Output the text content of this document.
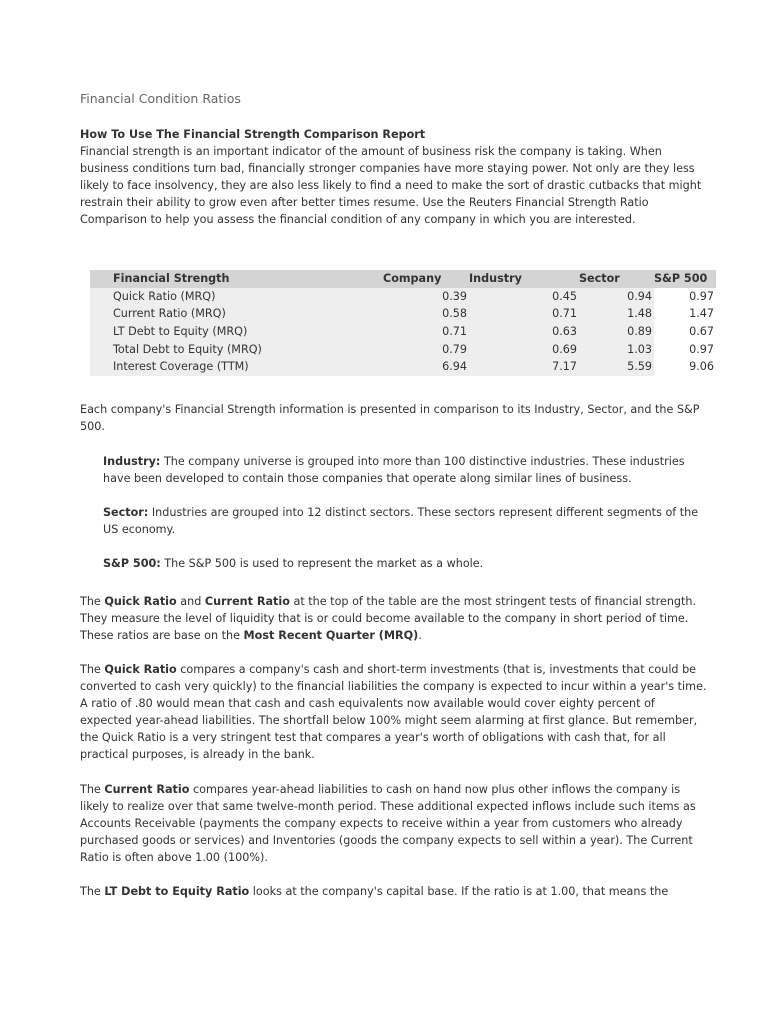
Financial Condition Ratios
How To Use The Financial Strength Comparison Report

Financial strength is an important indicator of the amount of business risk the company is taking. When business conditions turn bad, financially stronger companies have more staying power. Not only are they less likely to face insolvency, they are also less likely to find a need to make the sort of drastic cutbacks that might restrain their ability to grow even after better times resume. Use the Reuters Financial Strength Ratio Comparison to help you assess the financial condition of any company in which you are interested.

Financial Strength	Company	Industry	Sector	S&P 500
Quick Ratio (MRQ)	0.39	0.45	0.94	0.97
Current Ratio (MRQ)	0.58	0.71	1.48	1.47
LT Debt to Equity (MRQ)	0.71	0.63	0.89	0.67
Total Debt to Equity (MRQ)	0.79	0.69	1.03	0.97
Interest Coverage (TTM)	6.94	7.17	5.59	9.06

Each company's Financial Strength information is presented in comparison to its Industry, Sector, and the S&P 500.

Industry: The company universe is grouped into more than 100 distinctive industries. These industries have been developed to contain those companies that operate along similar lines of business.

Sector: Industries are grouped into 12 distinct sectors. These sectors represent different segments of the US economy.

S&P 500: The S&P 500 is used to represent the market as a whole.

The Quick Ratio and Current Ratio at the top of the table are the most stringent tests of financial strength. They measure the level of liquidity that is or could become available to the company in short period of time. These ratios are base on the Most Recent Quarter (MRQ).

The Quick Ratio compares a company's cash and short-term investments (that is, investments that could be converted to cash very quickly) to the financial liabilities the company is expected to incur within a year's time. A ratio of .80 would mean that cash and cash equivalents now available would cover eighty percent of expected year-ahead liabilities. The shortfall below 100% might seem alarming at first glance. But remember, the Quick Ratio is a very stringent test that compares a year's worth of obligations with cash that, for all practical purposes, is already in the bank.

The Current Ratio compares year-ahead liabilities to cash on hand now plus other inflows the company is likely to realize over that same twelve-month period. These additional expected inflows include such items as Accounts Receivable (payments the company expects to receive within a year from customers who already purchased goods or services) and Inventories (goods the company expects to sell within a year). The Current Ratio is often above 1.00 (100%).

The LT Debt to Equity Ratio looks at the company's capital base. If the ratio is at 1.00, that means the
